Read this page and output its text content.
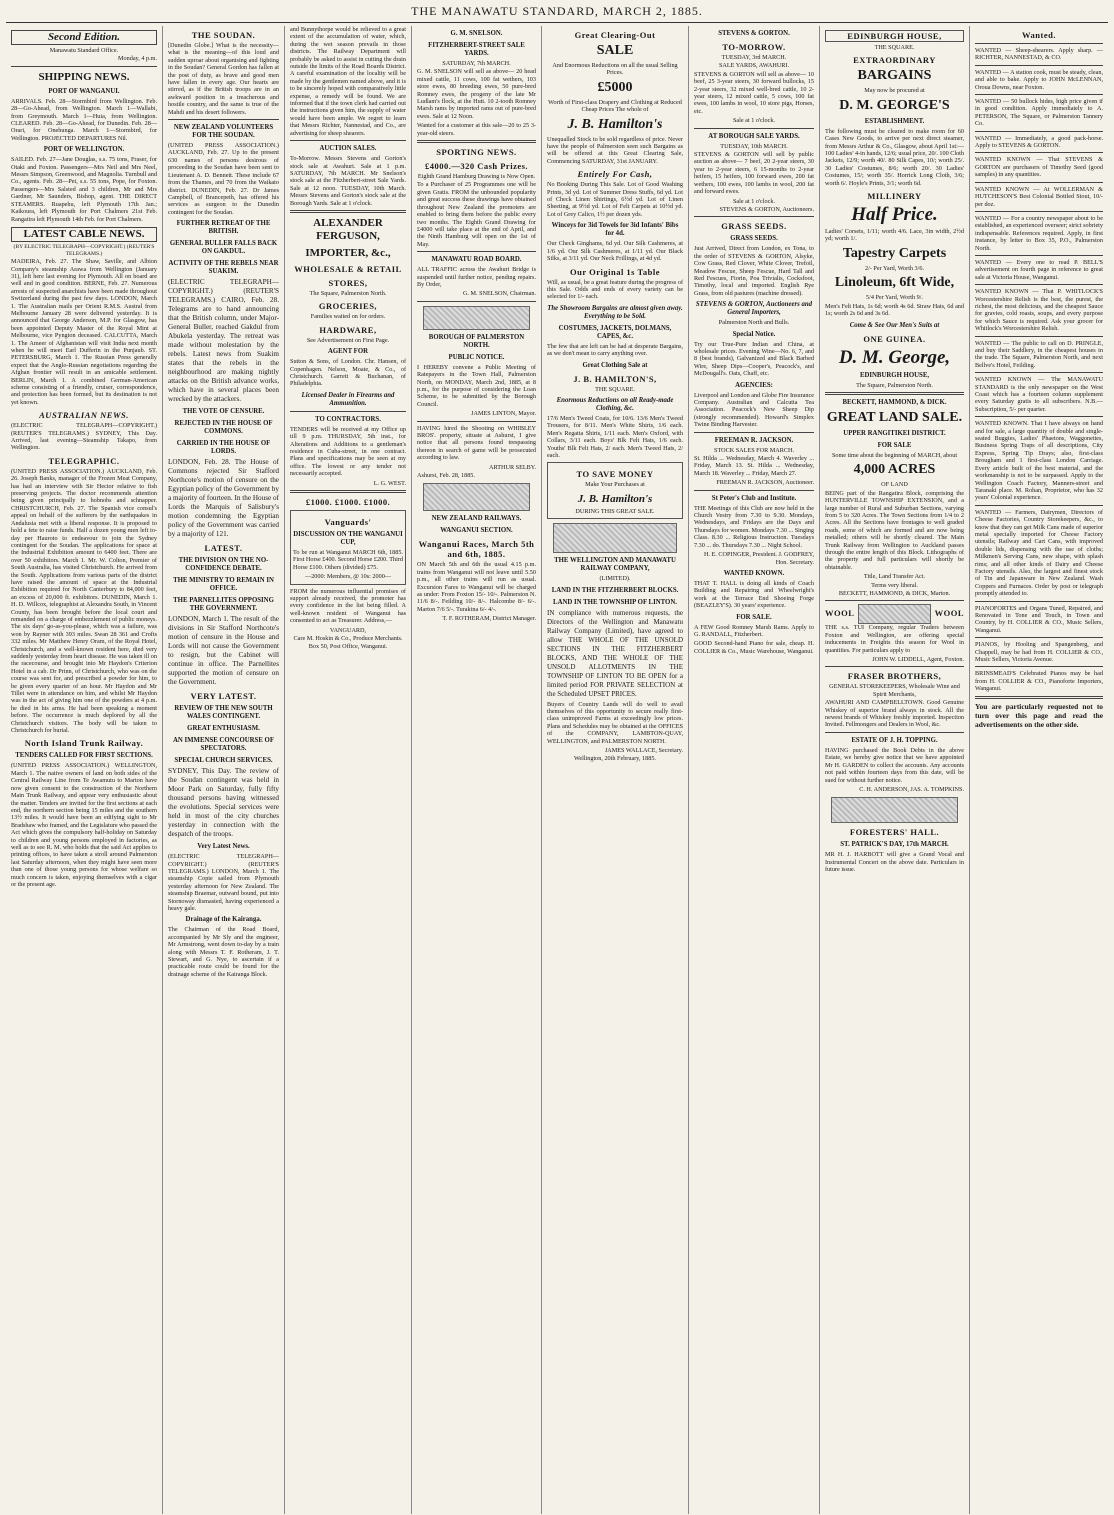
THE MANAWATU STANDARD, MARCH 2, 1885.
Second Edition.
Manawatu Standard Office.
Monday, 4 p.m.
SHIPPING NEWS.
PORT OF WANGANUI.

ARRIVALS. Feb. 28—Stormbird from Wellington. Feb. 28—Go-Ahead, from Wellington. March 1—Wallabi, from Greymouth. March 1—Huia, from Wellington. CLEARED. Feb. 28—Go-Ahead, for Dunedin. Feb. 28—Orari, for Onehunga. March 1—Stormbird, for Wellington. PROJECTED DEPARTURES Nil.

PORT OF WELLINGTON.

SAILED. Feb. 27—Jane Douglas, s.s. 75 tons, Fraser, for Otaki and Foxton. Passengers—Mrs Neil and Mrs Neel, Messrs Simpson, Greenwood, and Magnolia. Turnbull and Co., agents. Feb. 28—Pet, s.s. 55 tons, Pope, for Foxton. Passengers—Mrs Salsted and 3 children, Mr and Mrs Gardner, Mr Saunders, Bishop, agent. THE DIRECT STEAMERS. Ruapehu, left Plymouth 17th Jan.; Kaikoura, left Plymouth for Port Chalmers 21st Feb. Rangatira left Plymouth 14th Feb. for Port Chalmers.

LATEST CABLE NEWS.
(BY ELECTRIC TELEGRAPH—COPYRIGHT.) (REUTER'S TELEGRAMS.)

MADEIRA, Feb. 27. The Shaw, Saville, and Albion Company's steamship Arawa from Wellington (January 31), left here last evening for Plymouth. All on board are well and in good condition. BERNE, Feb. 27. Numerous arrests of suspected anarchists have been made throughout Switzerland during the past few days. LONDON, March 1. The Australian mails per Orient R.M.S. Austral from Melbourne January 28 were delivered yesterday. It is announced that George Anderson, M.P. for Glasgow, has been appointed Deputy Master of the Royal Mint at Melbourne, vice Pyngton deceased. CALCUTTA, March 1. The Ameer of Afghanistan will visit India next month when he will meet Earl Dufferin in the Punjaub. ST. PETERSBURG, March 1. The Russian Press generally expect that the Anglo-Russian negotiations regarding the Afghan frontier will result in an amicable settlement. BERLIN, March 1. A combined German-American scheme consisting of a friendly, cruiser, correspondence, and protection has been formed, but its destination is not yet known.

AUSTRALIAN NEWS.

(ELECTRIC TELEGRAPH—COPYRIGHT.) (REUTER'S TELEGRAMS.) SYDNEY, This Day. Arrived, last evening—Steamship Takapo, from Wellington.

TELEGRAPHIC.

(UNITED PRESS ASSOCIATION.) AUCKLAND, Feb. 26. Joseph Banks, manager of the Frozen Meat Company, has had an interview with Sir Hector relative to fish preserving projects. The doctor recommends attention being given principally to hobnobs and schnapper. CHRISTCHURCH, Feb. 27. The Spanish vice consul's appeal on behalf of the sufferers by the earthquakes in Andalusia met with a liberal response. It is proposed to hold a fete to raise funds. Half a dozen young men left to-day per Hauroto to endeavour to join the Sydney contingent for the Soudan. The applications for space at the Industrial Exhibition amount to 6400 feet. There are over 50 exhibitors. March 1. Mr. W. Colton, Premier of South Australia, has visited Christchurch. He arrived from the South. Applications from various parts of the district have raised the amount of space at the Industrial Exhibition required for North Canterbury to 84,000 feet, an excess of 20,000 ft. exhibitors. DUNEDIN, March 1. H. D. Willcox, telegraphist at Alexandra South, in Vincent County, has been brought before the local court and remanded on a charge of embezzlement of public moneys. The six days' go-as-you-please, which was a failure, was won by Rayner with 393 miles. Swan 28 361 and Crofts 332 miles. Mr Matthew Henry Oram, of the Royal Hotel, Christchurch, and a well-known resident here, died very suddenly yesterday from heart disease. He was taken ill on the racecourse, and brought into Mr Haydon's Criterion Hotel in a cab. Dr Prinn, of Christchurch, who was on the course was sent for, and prescribed a powder for him, to be given every quarter of an hour. Mr Haydon and Mr Tillet were in attendance on him, and whilst Mr Haydon was in the act of giving him one of the powders at 4 p.m. he died in his arms. He had been speaking a moment before. The occurrence is much deplored by all the Christchurch visitors. The body will be taken to Christchurch for burial.

North Island Trunk Railway.
TENDERS CALLED FOR FIRST SECTIONS.

(UNITED PRESS ASSOCIATION.) WELLINGTON, March 1. The native owners of land on both sides of the Central Railway Line from Te Awamutu to Marton have now given consent to the construction of the Northern Main Trunk Railway, and appear very enthusiastic about the matter. Tenders are invited for the first sections at each end, the northern section being 15 miles and the southern 13½ miles. It would have been an edifying sight to Mr Bradshaw who framed, and the Legislature who passed the Act which gives the compulsory half-holiday on Saturday to children and young persons employed in factories, as well as to see R. M. who holds that the said Act applies to printing offices, to have taken a stroll around Palmerston last Saturday afternoon, when they might have seen more than one of those young persons for whose welfare so much concern is taken, enjoying themselves with a cigar or the present age.

THE SOUDAN.

[Dunedin Globe.] What is the necessity—what is the meaning—of this loud and sudden uproar about organising and fighting in the Soudan? General Gordon has fallen at the post of duty, as brave and good men have fallen in every age. Our hearts are stirred, as if the British troops are in an awkward position in a treacherous and hostile country, and the same is true of the Mahdi and his desert followers.

NEW ZEALAND VOLUNTEERS FOR THE SOUDAN.

(UNITED PRESS ASSOCIATION.) AUCKLAND, Feb. 27. Up to the present 630 names of persons desirous of proceeding to the Soudan have been sent to Lieutenant A. D. Bennett. These include 67 from the Thames, and 70 from the Waikato district. DUNEDIN, Feb. 27. Dr James Campbell, of Brancepeth, has offered his services as surgeon to the Dunedin contingent for the Soudan.

FURTHER RETREAT OF THE BRITISH.
GENERAL BULLER FALLS BACK ON GAKDUL.
ACTIVITY OF THE REBELS NEAR SUAKIM.

(ELECTRIC TELEGRAPH—COPYRIGHT.) (REUTER'S TELEGRAMS.) CAIRO, Feb. 28. Telegrams are to hand announcing that the British column, under Major-General Buller, reached Gakdul from Abukela yesterday. The retreat was made without molestation by the rebels. Latest news from Suakim states that the rebels in the neighbourhood are making nightly attacks on the British advance works, which have in several places been wrecked by the attackers.

THE VOTE OF CENSURE.
REJECTED IN THE HOUSE OF COMMONS.
CARRIED IN THE HOUSE OF LORDS.

LONDON, Feb. 28. The House of Commons rejected Sir Stafford Northcote's motion of censure on the Egyptian policy of the Government by a majority of fourteen. In the House of Lords the Marquis of Salisbury's motion condemning the Egyptian policy of the Government was carried by a majority of 121.

LATEST.
THE DIVISION ON THE NO-CONFIDENCE DEBATE.
THE MINISTRY TO REMAIN IN OFFICE.
THE PARNELLITES OPPOSING THE GOVERNMENT.

LONDON, March 1. The result of the divisions in Sir Stafford Northcote's motion of censure in the House and Lords will not cause the Government to resign, but the Cabinet will continue in office. The Parnellites supported the motion of censure on the Government.

VERY LATEST.
REVIEW OF THE NEW SOUTH WALES CONTINGENT.
GREAT ENTHUSIASM.
AN IMMENSE CONCOURSE OF SPECTATORS.
SPECIAL CHURCH SERVICES.

SYDNEY, This Day. The review of the Soudan contingent was held in Moor Park on Saturday, fully fifty thousand persons having witnessed the evolutions. Special services were held in most of the city churches yesterday in connection with the despatch of the troops.

Very Latest News.

(ELECTRIC TELEGRAPH—COPYRIGHT.) (REUTER'S TELEGRAMS.) LONDON, March 1. The steamship Copie sailed from Plymouth yesterday afternoon for New Zealand. The steamship Braemar, outward bound, put into Stornoway dismasted, having experienced a heavy gale.

Drainage of the Kairanga.

The Chairman of the Road Board, accompanied by Mr Sly and the engineer, Mr Armstrong, went down to-day by a train along with Messrs T. F. Rotheram, J. T. Stewart, and G. Nye, to ascertain if a practicable route could be found for the drainage scheme of the Kairanga Block.

and Bunnythorpe would be relieved to a great extent of the accumulation of water, which, during the wet season prevails in those districts. The Railway Department will probably be asked to assist in cutting the drain outside the limits of the Road Boards District. A careful examination of the locality will be made by the gentlemen named above, and it is to be sincerely hoped with comparatively little expense, a remedy will be found. We are informed that if the town clerk had carried out the instructions given him, the supply of water would have been ample. We regret to learn that Messrs Richter, Nannestad, and Co., are advertising for sheep shearers.

AUCTION SALES.

To-Morrow. Messrs Stevens and Gorton's stock sale at Awahuri. Sale at 1 p.m. SATURDAY, 7th MARCH. Mr Snelson's stock sale at the Fitzherbert-street Sale Yards. Sale at 12 noon. TUESDAY, 10th March. Messrs Stevens and Gorton's stock sale at the Borough Yards. Sale at 1 o'clock.

ALEXANDER FERGUSON,
IMPORTER, &c.,
WHOLESALE & RETAIL
STORES,
The Square, Palmerston North.
GROCERIES,
Families waited on for orders.
HARDWARE,
See Advertisement on First Page.
AGENT FOR

Sutton & Sons, of London. Chr. Hansen, of Copenhagen. Nelson, Moate, & Co., of Christchurch. Garrett & Buchanan, of Philadelphia.

Licensed Dealer in Firearms and Ammunition.
TO CONTRACTORS.

TENDERS will be received at my Office up till 9 p.m. THURSDAY, 5th inst., for Alterations and Additions to a gentleman's residence in Cuba-street, in one contract. Plans and specifications may be seen at my office. The lowest or any tender not necessarily accepted.

L. G. WEST.
£1000. £1000. £1000.
Vanguards'
DISCUSSION ON THE WANGANUI CUP,

To be run at Wanganui MARCH 6th, 1885. First Horse £400. Second Horse £200. Third Horse £100. Others (divided) £75.

—2000: Members, @ 10s: 2000—

FROM the numerous influential promises of support already received, the promoter has every confidence in the list being filled. A well-known resident of Wanganui has consented to act as Treasurer. Address,—

VANGUARD,
Care M. Hoskin & Co., Produce Merchants. Box 50, Post Office, Wanganui.
G. M. SNELSON.
FITZHERBERT-STREET SALE YARDS.
SATURDAY, 7th MARCH.

G. M. SNELSON will sell as above— 20 head mixed cattle, 11 cows, 100 fat wethers, 103 store ewes, 80 breeding ewes, 50 pure-bred Romney ewes, the progeny of the late Mr Ludlam's flock, at the Hutt. 10 2-tooth Romney Marsh rams by imported rams out of pure-bred ewes. Sale at 12 Noon.

Wanted for a customer at this sale—20 to 25 3-year-old steers.

SPORTING NEWS.
£4000.—320 Cash Prizes.
Eighth Grand Hamburg Drawing is Now Open.

To a Purchaser of 25 Programmes one will be given Gratis. FROM the unbounded popularity and great success these drawings have obtained throughout New Zealand the promoters are enabled to bring them before the public every two months. The Eighth Grand Drawing for £4000 will take place at the end of April, and the Ninth Hamburg will open on the 1st of May.

MANAWATU ROAD BOARD.

ALL TRAFFIC across the Awahuri Bridge is suspended until further notice, pending repairs. By Order,

G. M. SNELSON, Chairman.
BOROUGH OF PALMERSTON NORTH.
PUBLIC NOTICE.

I HEREBY convene a Public Meeting of Ratepayers in the Town Hall, Palmerston North, on MONDAY, March 2nd, 1885, at 8 p.m., for the purpose of considering the Loan Scheme, to be submitted by the Borough Council.

JAMES LINTON, Mayor.

HAVING hired the Shooting on WHIBLEY BROS'. property, situate at Ashurst, I give notice that all persons found trespassing thereon in search of game will be prosecuted according to law.

ARTHUR SELBY.
Ashurst, Feb. 28, 1885.
NEW ZEALAND RAILWAYS.
WANGANUI SECTION.
Wanganui Races, March 5th and 6th, 1885.

ON March 5th and 6th the usual 4.15 p.m. trains from Wanganui will not leave until 5.50 p.m., all other trains will run as usual. Excursion Fares to Wanganui will be charged as under: From Foxton 15/- 10/-. Palmerston N. 11/6 8/-. Feilding 10/- 8/-. Halcombe 8/- 6/-. Marton 7/6 5/-. Turakina 6/- 4/-.

T. F. ROTHERAM, District Manager.
Great Clearing-Out
SALE
And Enormous Reductions on all the usual Selling Prices.
£5000
Worth of First-class Drapery and Clothing at Reduced Cheap Prices The whole of
J. B. Hamilton's

Unequalled Stock to be sold regardless of price. Never have the people of Palmerston seen such Bargains as will be offered at this Great Clearing Sale, Commencing SATURDAY, 31st JANUARY.

Entirely For Cash,

No Booking During This Sale. Lot of Good Washing Prints, 3d yd. Lot of Summer Dress Stuffs, 6d yd. Lot of Check Linen Shirtings, 6½d yd. Lot of Linen Sheeting, at 9½d yd. Lot of Felt Carpets at 10½d yd. Lot of Grey Calico, 1½ per dozen yds.

Winceys for 3id Towels for 3id Infants' Bibs for 4d.

Our Check Ginghams, 6d yd. Our Silk Cashmeres, at 1/6 yd. Our Silk Cashmeres, at 1/11 yd. Our Black Silks, at 3/11 yd. Our Neck Frillings, at 4d yd.

Our Original 1s Table

Will, as usual, be a great feature during the progress of this Sale. Odds and ends of every variety can be selected for 1/- each.

The Showroom Bargains are almost given away. Everything to be Sold.
COSTUMES, JACKETS, DOLMANS, CAPES, &c.

The few that are left can be had at desperate Bargains, as we don't mean to carry anything over.

Great Clothing Sale at
J. B. HAMILTON'S,
THE SQUARE.
Enormous Reductions on all Ready-made Clothing, &c.

17/6 Men's Tweed Coats, for 10/6. 13/6 Men's Tweed Trousers, for 8/11. Men's White Shirts, 1/6 each. Men's Regatta Shirts, 1/11 each. Men's Oxford, with Collars, 3/11 each. Boys' Blk Felt Hats, 1/6 each. Youths' Blk Felt Hats, 2/ each. Men's Tweed Hats, 2/ each.

TO SAVE MONEY
Make Your Purchases at
J. B. Hamilton's
DURING THIS GREAT SALE.
THE WELLINGTON AND MANAWATU RAILWAY COMPANY,
(LIMITED).
LAND IN THE FITZHERBERT BLOCKS.
LAND IN THE TOWNSHIP OF LINTON.

IN compliance with numerous requests, the Directors of the Wellington and Manawatu Railway Company (Limited), have agreed to allow THE WHOLE OF THE UNSOLD SECTIONS IN THE FITZHERBERT BLOCKS, AND THE WHOLE OF THE UNSOLD ALLOTMENTS IN THE TOWNSHIP OF LINTON TO BE OPEN for a limited period FOR PRIVATE SELECTION at the Scheduled UPSET PRICES.

Buyers of Country Lands will do well to avail themselves of this opportunity to secure really first-class unimproved Farms at exceedingly low prices. Plans and Schedules may be obtained at the OFFICES of the COMPANY, LAMBTON-QUAY, WELLINGTON, and PALMERSTON NORTH.

JAMES WALLACE, Secretary.
Wellington, 20th February, 1885.
STEVENS & GORTON.
TO-MORROW.
TUESDAY, 3rd MARCH.
SALE YARDS, AWAHURI.

STEVENS & GORTON will sell as above— 10 beef, 25 3-year steers, 30 forward bullocks, 15 2-year steers, 32 mixed well-bred cattle, 10 2-year steers, 12 mixed cattle, 5 cows, 100 fat ewes, 100 lambs in wool, 10 store pigs, Horses, etc.

Sale at 1 o'clock.
AT BOROUGH SALE YARDS.
TUESDAY, 10th MARCH.

STEVENS & GORTON will sell by public auction as above— 7 beef, 20 2-year steers, 30 year to 2-year steers, 6 15-months to 2-year heifers, 15 heifers, 100 forward ewes, 200 fat wethers, 100 ewes, 100 lambs in wool, 200 fat and forward ewes.

Sale at 1 o'clock.
STEVENS & GORTON, Auctioneers.
GRASS SEEDS.
GRASS SEEDS.

Just Arrived, Direct from London, ex Tona, to the order of STEVENS & GORTON, Alsyke, Cow Grass, Red Clover, White Clover, Trefoil, Meadow Fescue, Sheep Fescue, Hard Tall and Red Fescues, Fiorin, Poa Trivialis, Cocksfoot, Timothy, local and imported. English Rye Grass, from old pastures (machine dressed).

STEVENS & GORTON, Auctioneers and General Importers,
Palmerston North and Bulls.
Special Notice.

Try our True-Pure Indian and China, at wholesale prices. Evening Wine—No. 6, 7, and 8 (best brands), Galvanized and Black Barbed Wire, Sheep Dips—Cooper's, Peacock's, and McDougall's. Oats, Chaff, etc.

AGENCIES:

Liverpool and London and Globe Fire Insurance Company. Australian and Calcutta Tea Association. Peacock's New Sheep Dip (strongly recommended). Howard's Simplex Twine Binding Harvester.

FREEMAN R. JACKSON.
STOCK SALES FOR MARCH.

St. Hilda ... Wednesday, March 4. Waverley ... Friday, March 13. St. Hilda ... Wednesday, March 18. Waverley ... Friday, March 27.

FREEMAN R. JACKSON, Auctioneer.
St Peter's Club and Institute.

THE Meetings of this Club are now held in the Church Vestry from 7.30 to 9.30. Mondays, Wednesdays, and Fridays are the Days and Thursdays for women. Mondays 7.30 ... Singing Class. 8.30 ... Religious Instruction. Tuesdays 7.30 ... do. Thursdays 7.30 ... Night School.

H. E. COPINGER, President. J. GODFREY, Hon. Secretary.
WANTED KNOWN.

THAT T. HALL is doing all kinds of Coach Building and Repairing and Wheelwright's work at the Terrace End Shoeing Forge (BEAZLEY'S). 30 years' experience.

FOR SALE.

A FEW Good Romney Marsh Rams. Apply to G. RANDALL, Fitzherbert.

GOOD Second-hand Piano for sale, cheap. H. COLLIER & Co., Music Warehouse, Wanganui.

EDINBURGH HOUSE,
THE SQUARE.
EXTRAORDINARY
BARGAINS
May now be procured at
D. M. GEORGE'S
ESTABLISHMENT.

The following must be cleared to make room for 60 Cases New Goods, to arrive per next direct steamer, from Messrs Arthur & Co., Glasgow, about April 1st:— 100 Ladies' 4-in hands, 12/6; usual price, 20/. 100 Cloth Jackets, 12/9; worth 40/. 80 Silk Capes, 10/; worth 25/. 30 Ladies' Costumes, 8/6; worth 20/. 30 Ladies' Costumes, 15/; worth 35/. Horrick Long Cloth, 3/6; worth 6/. Hoyle's Prints, 3/1; worth 6d.

MILLINERY
Half Price.

Ladies' Corsets, 1/11; worth 4/6. Lace, 3in width, 2½d yd; worth 1/.

Tapestry Carpets
2/- Per Yard, Worth 3/6.
Linoleum, 6ft Wide,
5/4 Per Yard, Worth 9/.

Men's Felt Hats, 1s 6d; worth 4s 6d. Straw Hats, 6d and 1s; worth 2s 6d and 3s 6d.

Come & See Our Men's Suits at
ONE GUINEA.
D. M. George,
EDINBURGH HOUSE,
The Square, Palmerston North.
BECKETT, HAMMOND, & DICK.
GREAT LAND SALE.
UPPER RANGITIKEI DISTRICT.
FOR SALE
Some time about the beginning of MARCH, about
4,000 ACRES
OF LAND

BEING part of the Rangatira Block, comprising the HUNTERVILLE TOWNSHIP EXTENSION, and a large number of Rural and Suburban Sections, varying from 5 to 320 Acres. The Town Sections from 1/4 to 2 Acres. All the Sections have frontages to well graded roads, some of which are formed and are now being metalled; others will be shortly cleared. The Main Trunk Railway from Wellington to Auckland passes through the entire length of this Block. Lithographs of the property and full particulars will shortly be obtainable.

Title, Land Transfer Act.
Terms very liberal.
BECKETT, HAMMOND, & DICK, Marton.
WOOL	WOOL

THE s.s. TUI Company, regular Traders between Foxton and Wellington, are offering special inducements in Freights this season for Wool in quantities. For particulars apply to

JOHN W. LIDDELL, Agent, Foxton.
FRASER BROTHERS,
GENERAL STOREKEEPERS, Wholesale Wine and Spirit Merchants,

AWAHURI AND CAMPBELLTOWN. Good Genuine Whiskey of superior brand always in stock. All the newest brands of Whiskey freshly imported. Inspection Invited. Fellmongers and Dealers in Wool, &c.

ESTATE OF J. H. TOPPING.

HAVING purchased the Book Debts in the above Estate, we hereby give notice that we have appointed Mr H. GARDEN to collect the accounts. Any accounts not paid within fourteen days from this date, will be sued for without further notice.

C. H. ANDERSON, JAS. A. TOMPKINS.
FORESTERS' HALL.
ST. PATRICK'S DAY, 17th MARCH.

MR H. J. HARBOTT will give a Grand Vocal and Instrumental Concert on the above date. Particulars in future issue.

Wanted.

WANTED — Sheep-shearers. Apply sharp. — RICHTER, NANNESTAD, & CO.

WANTED — A station cook, must be steady, clean, and able to bake. Apply to JOHN McLENNAN, Oroua Downs, near Foxton.

WANTED — 50 bullock hides, high price given if in good condition. Apply immediately to A. PETERSON, The Square, or Palmerston Tannery Co.

WANTED — Immediately, a good pack-horse. Apply to STEVENS & GORTON.

WANTED KNOWN — That STEVENS & GORTON are purchasers of Timothy Seed (good samples) in any quantities.

WANTED KNOWN — At WOLLERMAN & HUTCHESON'S Best Colonial Bottled Stout, 10/- per doz.

WANTED — For a country newspaper about to be established, an experienced overseer; strict sobriety indispensable. References required. Apply, in first instance, by letter to Box 35, P.O., Palmerston North.

WANTED — Every one to read P. BELL'S advertisement on fourth page in reference to great sale at Victoria House, Wanganui.

WANTED KNOWN — That P. WHITLOCK'S Worcestershire Relish is the best, the purest, the richest, the most delicious, and the cheapest Sauce for gravies, cold roasts, soups, and every purpose for which Sauce is required. Ask your grocer for Whitlock's Worcestershire Relish.

WANTED — The public to call on D. PRINGLE, and buy their Saddlery, in the cheapest houses in the trade. The Square, Palmerston North, and next Bellve's Hotel, Feilding.

WANTED KNOWN — The MANAWATU STANDARD is the only newspaper on the West Coast which has a fourteen column supplement every Saturday gratis to all subscribers. N.B.—Subscription, 5/- per quarter.

WANTED KNOWN. That I have always on hand and for sale, a large quantity of double and single-seated Buggies, Ladies' Phaetons, Waggonettes, Business Spring Traps of all descriptions, City Express, Spring Tip Drays; also, first-class Brougham and 1 first-class London Carriage. Every article built of the best material, and the workmanship is not to be surpassed. Apply to the Wellington Coach Factory, Manners-street and Taranaki place. M. Rohan, Proprietor, who has 32 years' Colonial experience.

WANTED — Farmers, Dairymen, Directors of Cheese Factories, Country Storekeepers, &c., to know that they can get Milk Cans made of superior metal specially imported for Cheese Factory utensils; Railway and Cart Cans, with improved double lids, dispensing with the use of cloths; Milkmen's Serving Cans, new shape, with splash rims; and all other kinds of Dairy and Cheese Factory utensils. Also, the largest and finest stock of Tin and Japanware in New Zealand. Wash Coppers and Furnaces. Order by post or telegraph promptly attended to.

PIANOFORTES and Organs Tuned, Repaired, and Renovated in Tone and Touch, in Town and Country, by H. COLLIER & CO., Music Sellers, Wanganui.

PIANOS, by Hooling and Spangenberg, and Chappell, may be had from H. COLLIER & CO., Music Sellers, Victoria Avenue.

BRINSMEAD'S Celebrated Pianos may be had from H. COLLIER & CO., Pianoforte Importers, Wanganui.

You are particularly requested not to turn over this page and read the advertisements on the other side.
